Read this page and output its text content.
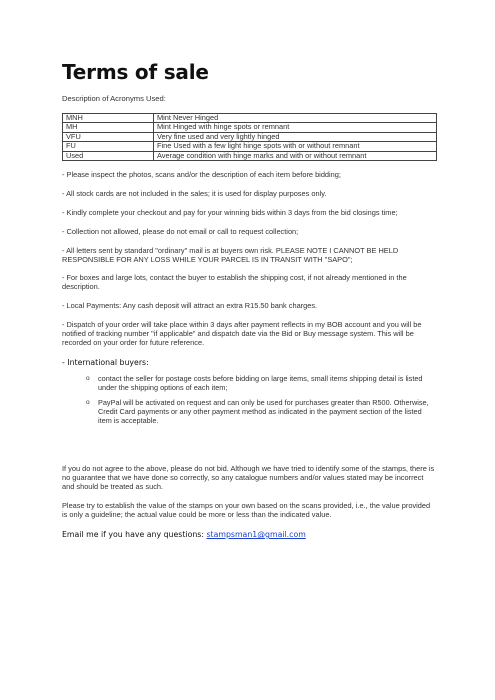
Terms of sale

Description of Acronyms Used:

MNH	Mint Never Hinged
MH	Mint Hinged with hinge spots or remnant
VFU	Very fine used and very lightly hinged
FU	Fine Used with a few light hinge spots with or without remnant
Used	Average condition with hinge marks and with or without remnant

- Please inspect the photos, scans and/or the description of each item before bidding;

- All stock cards are not included in the sales; it is used for display purposes only.

- Kindly complete your checkout and pay for your winning bids within 3 days from the bid closings time;

- Collection not allowed, please do not email or call to request collection;

- All letters sent by standard "ordinary" mail is at buyers own risk. PLEASE NOTE I CANNOT BE HELD RESPONSIBLE FOR ANY LOSS WHILE YOUR PARCEL IS IN TRANSIT WITH "SAPO";

- For boxes and large lots, contact the buyer to establish the shipping cost, if not already mentioned in the description.

- Local Payments: Any cash deposit will attract an extra R15.50 bank charges.

- Dispatch of your order will take place within 3 days after payment reflects in my BOB account and you will be notified of tracking number "if applicable" and dispatch date via the Bid or Buy message system. This will be recorded on your order for future reference.

- International buyers:

o contact the seller for postage costs before bidding on large items, small items shipping detail is listed under the shipping options of each item;
o PayPal will be activated on request and can only be used for purchases greater than R500. Otherwise, Credit Card payments or any other payment method as indicated in the payment section of the listed item is acceptable.

If you do not agree to the above, please do not bid. Although we have tried to identify some of the stamps, there is no guarantee that we have done so correctly, so any catalogue numbers and/or values stated may be incorrect and should be treated as such.

Please try to establish the value of the stamps on your own based on the scans provided, i.e., the value provided is only a guideline; the actual value could be more or less than the indicated value.

Email me if you have any questions: stampsman1@gmail.com
